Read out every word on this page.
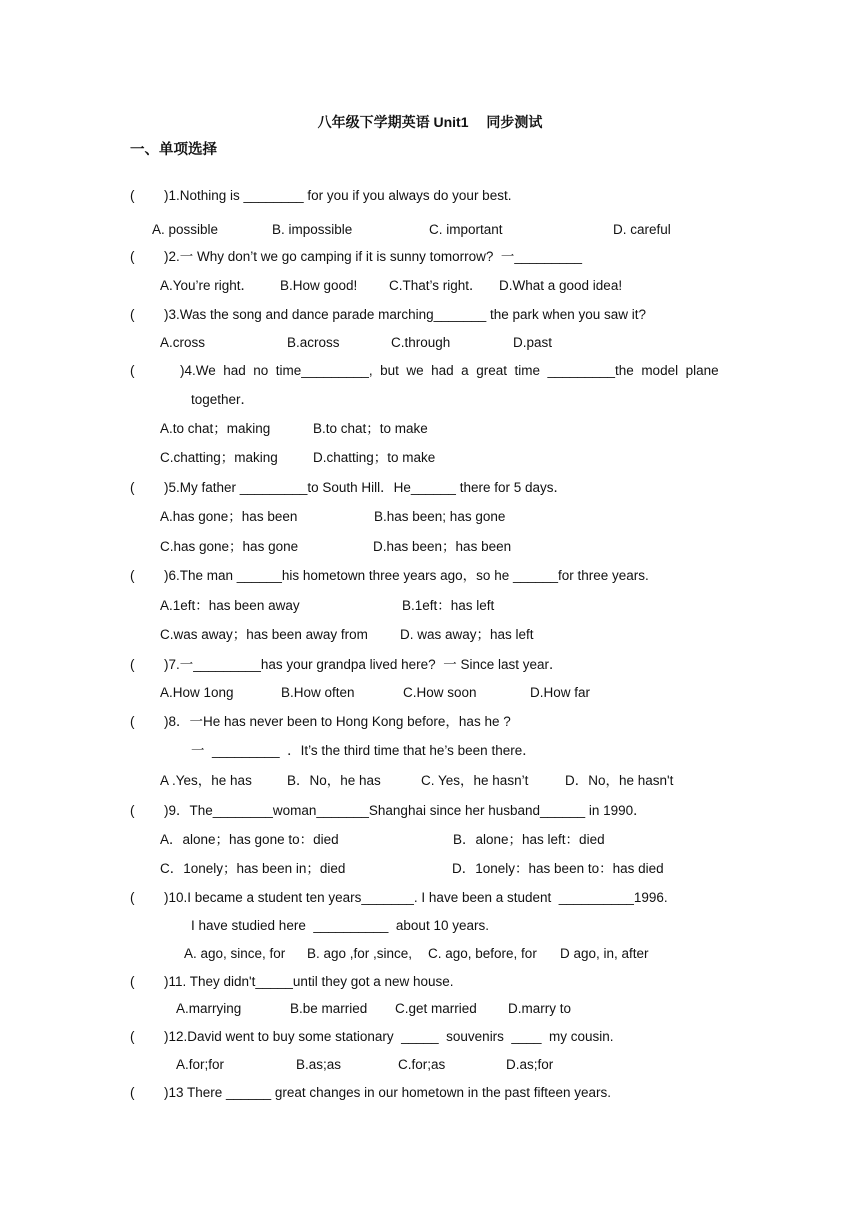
八年级下学期英语 Unit1　 同步测试
一、单项选择
( )1.Nothing is ________ for you if you always do your best.
A. possible	B. impossible	C. important	D. careful
( )2.一 Why don’t we go camping if it is sunny tomorrow?  一_________
A.You’re right． B.How good! C.That’s right． D.What a good idea!
( )3.Was the song and dance parade marching_______ the park when you saw it?
A.cross	B.across	C.through	D.past
(	)4.We  had  no  time_________,  but  we  had  a  great  time  _________the  model  plane
together．
A.to chat；making	B.to chat；to make
C.chatting；making	D.chatting；to make
( )5.My father _________to South Hill．He______ there for 5 days．
A.has gone；has been	B.has been; has gone
C.has gone；has gone	D.has been；has been
( )6.The man ______his hometown three years ago，so he ______for three years.
A.1eft：has been away	B.1eft：has left
C.was away；has been away from D. was away；has left
( )7.一_________has your grandpa lived here?  一 Since last year．
A.How 1ong	B.How often	C.How soon	D.How far
( )8．一He has never been to Hong Kong before，has he ?
一  _________  ．It’s the third time that he’s been there．
A .Yes，he has	B．No，he has	C. Yes，he hasn’t	D．No，he hasn't
( )9．The________woman_______Shanghai since her husband______ in 1990．
A．alone；has gone to：died	B．alone；has left：died
C．1onely；has been in；died	D．1onely：has been to：has died
( )10.I became a student ten years_______. I have been a student  __________1996.
I have studied here  __________  about 10 years.
A. ago, since, for B. ago ,for ,since, C. ago, before, for D ago, in, after
( )11. They didn't_____until they got a new house.
A.marrying	B.be married C.get married D.marry to
( )12.David went to buy some stationary  _____  souvenirs  ____  my cousin.
A.for;for	B.as;as	C.for;as	D.as;for
( )13 There ______ great changes in our hometown in the past fifteen years.
